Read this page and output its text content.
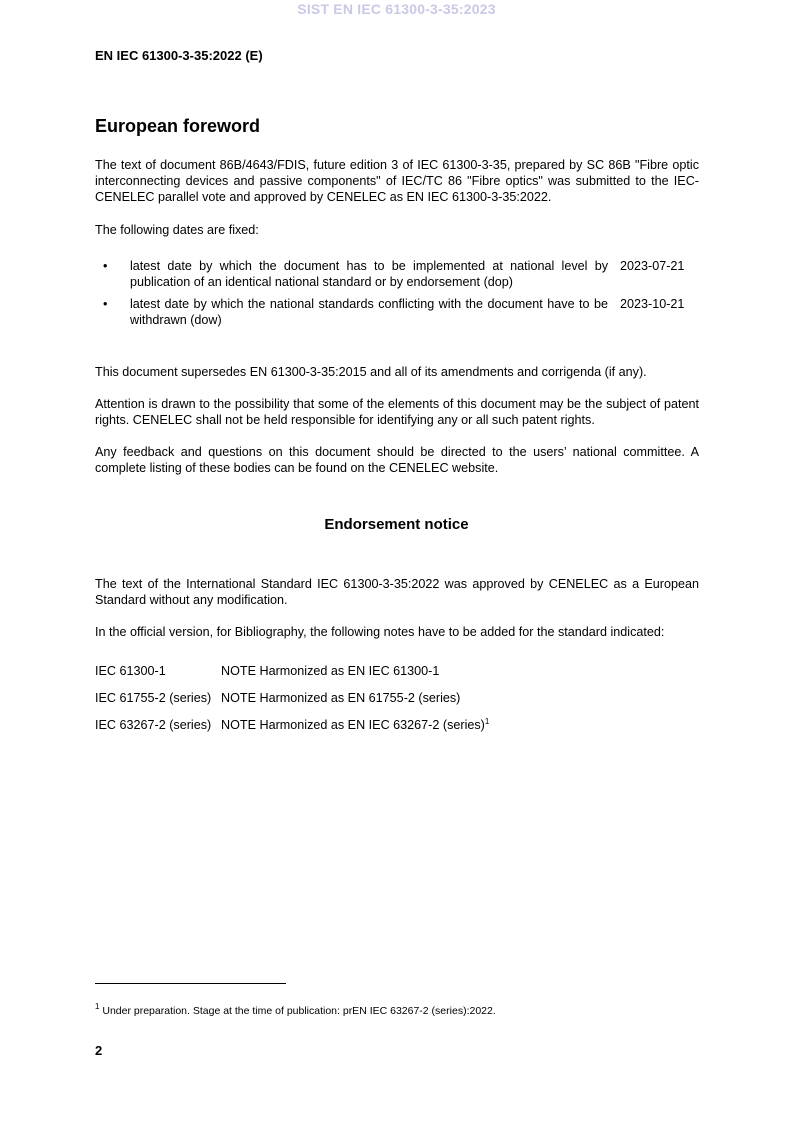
SIST EN IEC 61300-3-35:2023
EN IEC 61300-3-35:2022 (E)
European foreword

The text of document 86B/4643/FDIS, future edition 3 of IEC 61300-3-35, prepared by SC 86B "Fibre optic interconnecting devices and passive components" of IEC/TC 86 "Fibre optics" was submitted to the IEC-CENELEC parallel vote and approved by CENELEC as EN IEC 61300-3-35:2022.

The following dates are fixed:

• latest date by which the document has to be implemented at national level by publication of an identical national standard or by endorsement (dop)
2023-07-21
• latest date by which the national standards conflicting with the document have to be withdrawn (dow)
2023-10-21

This document supersedes EN 61300-3-35:2015 and all of its amendments and corrigenda (if any).

Attention is drawn to the possibility that some of the elements of this document may be the subject of patent rights. CENELEC shall not be held responsible for identifying any or all such patent rights.

Any feedback and questions on this document should be directed to the users’ national committee. A complete listing of these bodies can be found on the CENELEC website.

Endorsement notice

The text of the International Standard IEC 61300-3-35:2022 was approved by CENELEC as a European Standard without any modification.

In the official version, for Bibliography, the following notes have to be added for the standard indicated:

IEC 61300-1	NOTE Harmonized as EN IEC 61300-1
IEC 61755-2 (series) NOTE Harmonized as EN 61755-2 (series)
IEC 63267-2 (series) NOTE Harmonized as EN IEC 63267-2 (series)$^1$
$^1$ Under preparation. Stage at the time of publication: prEN IEC 63267-2 (series):2022.
2
